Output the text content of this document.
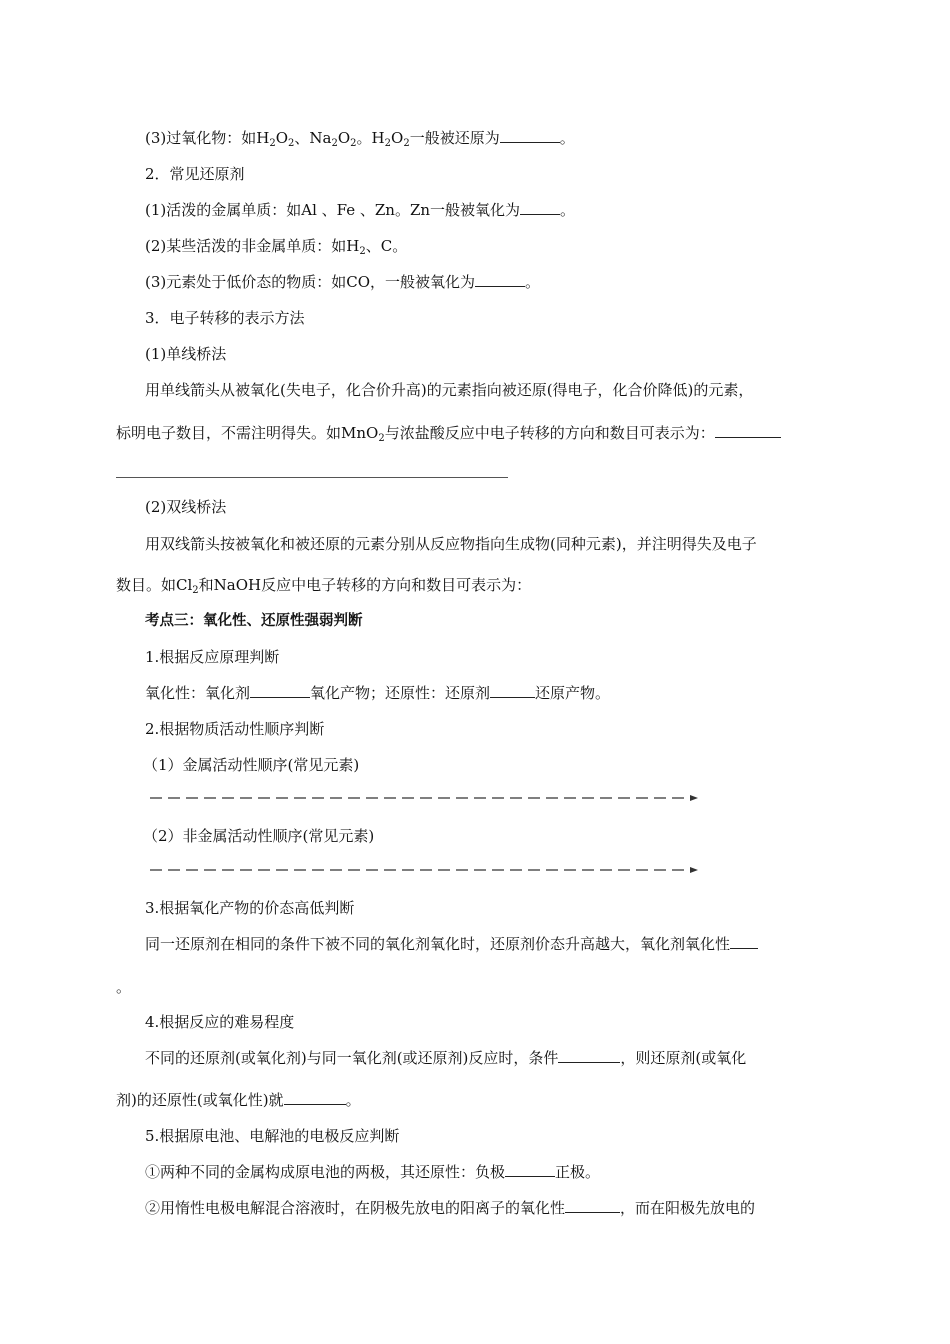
(3)过氧化物：如$H_2O_2$、$Na_2O_2$。$H_2O_2$一般被还原为	。
2．常见还原剂
(1)活泼的金属单质：如Al 、Fe 、Zn。Zn一般被氧化为	。
(2)某些活泼的非金属单质：如$H_2$、C。
(3)元素处于低价态的物质：如CO，一般被氧化为	。
3．电子转移的表示方法
(1)单线桥法
用单线箭头从被氧化(失电子，化合价升高)的元素指向被还原(得电子，化合价降低)的元素，
标明电子数目，不需注明得失。如MnO$_2$与浓盐酸反应中电子转移的方向和数目可表示为：
(2)双线桥法
用双线箭头按被氧化和被还原的元素分别从反应物指向生成物(同种元素)，并注明得失及电子
数目。如$Cl_2$和NaOH反应中电子转移的方向和数目可表示为：
考点三：氧化性、还原性强弱判断
1.根据反应原理判断
氧化性：氧化剂	氧化产物；还原性：还原剂	还原产物。
2.根据物质活动性顺序判断
（1）金属活动性顺序(常见元素)
（2）非金属活动性顺序(常见元素)
3.根据氧化产物的价态高低判断
同一还原剂在相同的条件下被不同的氧化剂氧化时，还原剂价态升高越大，氧化剂氧化性
。
4.根据反应的难易程度
不同的还原剂(或氧化剂)与同一氧化剂(或还原剂)反应时，条件	，则还原剂(或氧化
剂)的还原性(或氧化性)就	。
5.根据原电池、电解池的电极反应判断
①两种不同的金属构成原电池的两极，其还原性：负极	正极。
②用惰性电极电解混合溶液时，在阴极先放电的阳离子的氧化性	，而在阳极先放电的
